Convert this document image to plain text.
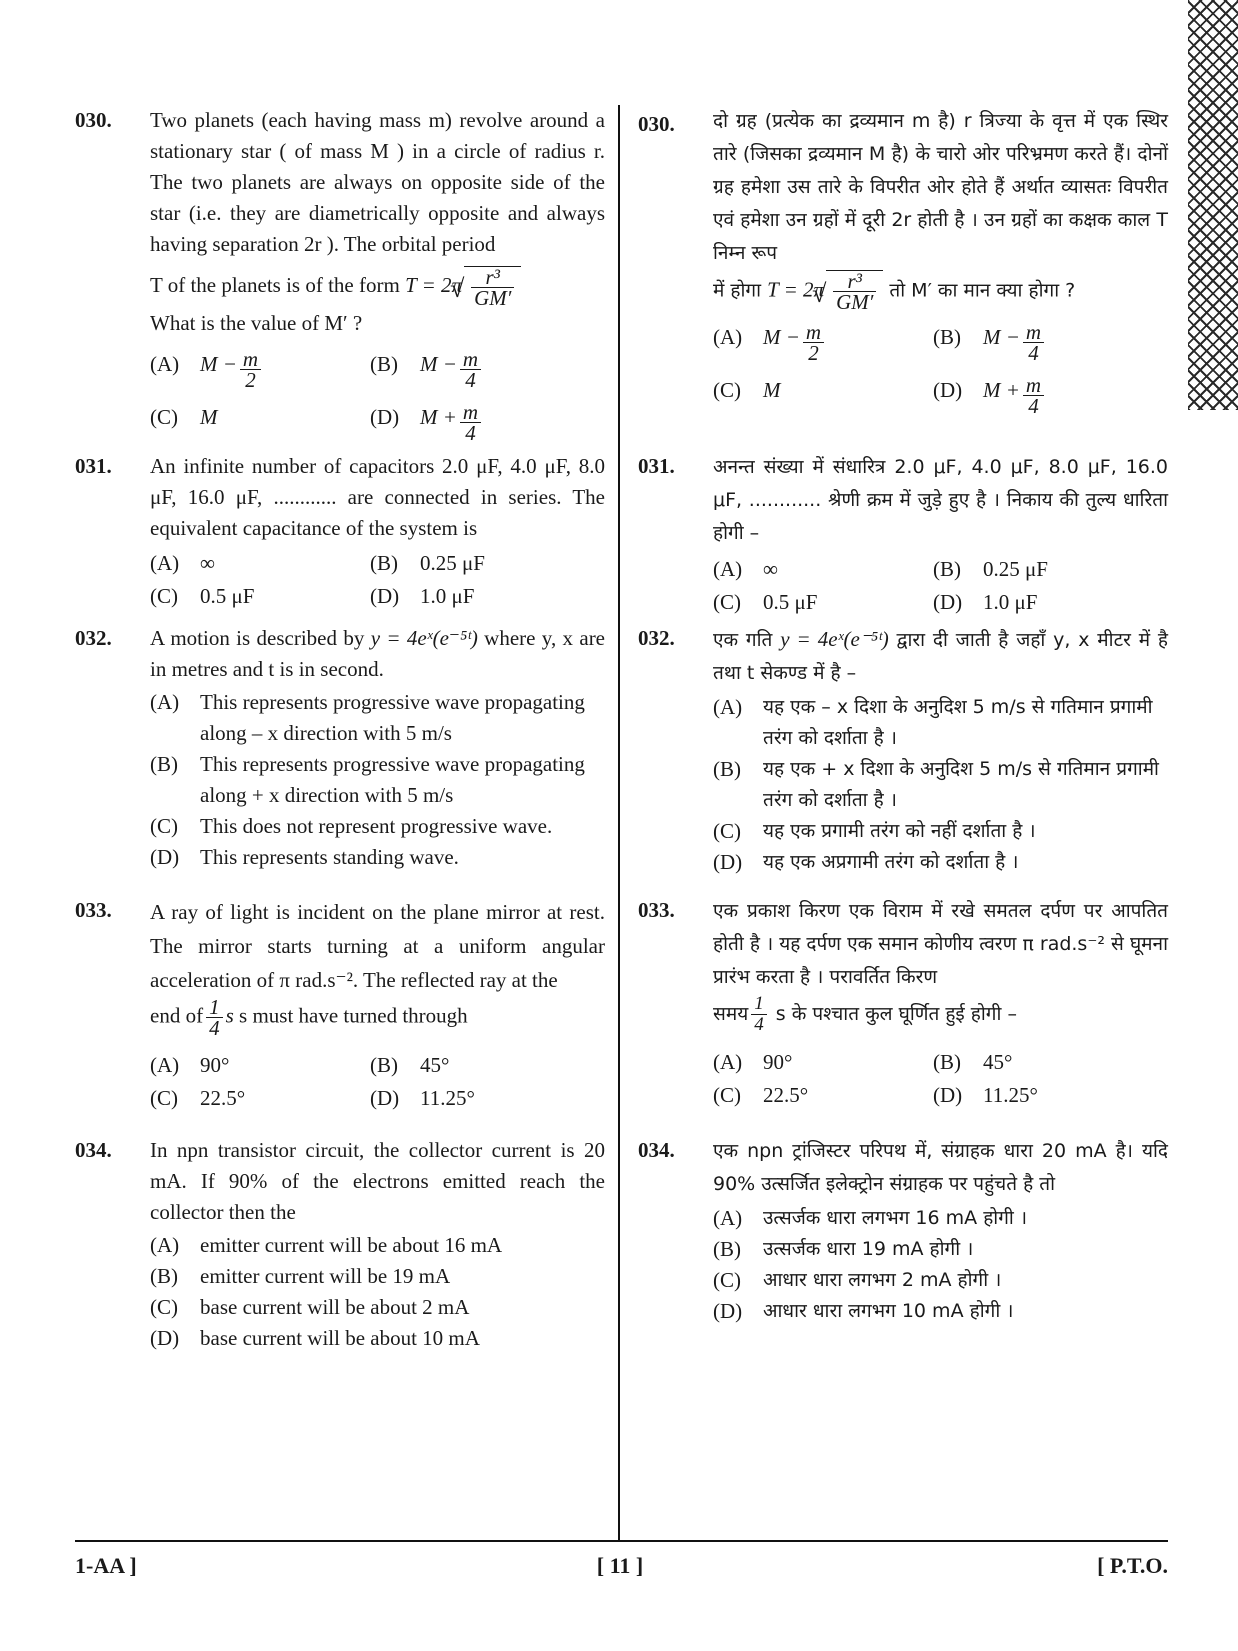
030. Two planets (each having mass m) revolve around a stationary star ( of mass M ) in a circle of radius r. The two planets are always on opposite side of the star (i.e. they are diametrically opposite and always having separation 2r ). The orbital period
T of the planets is of the form T = 2π √ $\frac{\text{r³}}{GM'}$
What is the value of M′ ?
(A) $M - \frac{m}{2}$	(B)	$M - \frac{m}{4}$
(C)	M	(D) $M + \frac{m}{4}$
031. An infinite number of capacitors 2.0 μF, 4.0 μF, 8.0 μF, 16.0 μF, ............ are connected in series. The equivalent capacitance of the system is
(A) ∞	(B)	0.25 μF
(C)	0.5 μF	(D) 1.0 μF
032. A motion is described by y = 4eˣ(e⁻⁵ᵗ) where y, x are in metres and t is in second.
(A) This represents progressive wave propagating along – x direction with 5 m/s
(B)	This represents progressive wave propagating along + x direction with 5 m/s
(C)	This does not represent progressive wave.
(D) This represents standing wave.
033. A ray of light is incident on the plane mirror at rest. The mirror starts turning at a uniform angular acceleration of π rad.s⁻². The reflected ray at the
end of $\frac{1}{4}$ s s must have turned through
(A) 90°	(B)	45°
(C)	22.5°	(D) 11.25°
034. In npn transistor circuit, the collector current is 20 mA. If 90% of the electrons emitted reach the collector then the
(A) emitter current will be about 16 mA
(B)	emitter current will be 19 mA
(C)	base current will be about 2 mA
(D) base current will be about 10 mA
030. दो ग्रह (प्रत्येक का द्रव्यमान m है) r त्रिज्या के वृत्त में एक स्थिर तारे (जिसका द्रव्यमान M है) के चारो ओर परिभ्रमण करते हैं। दोनों ग्रह हमेशा उस तारे के विपरीत ओर होते हैं अर्थात व्यासतः विपरीत एवं हमेशा उन ग्रहों में दूरी 2r होती है । उन ग्रहों का कक्षक काल T निम्न रूप
में होगा T = 2π √ $\frac{\text{r³}}{GM'}$ तो M′ का मान क्या होगा ?
(A) $M - \frac{m}{2}$	(B)	$M - \frac{m}{4}$
(C)	M	(D) $M + \frac{m}{4}$
031. अनन्त संख्या में संधारित्र 2.0 μF, 4.0 μF, 8.0 μF, 16.0 μF, ............ श्रेणी क्रम में जुड़े हुए है । निकाय की तुल्य धारिता होगी –
(A) ∞	(B)	0.25 μF
(C)	0.5 μF	(D) 1.0 μF
032. एक गति y = 4eˣ(e⁻⁵ᵗ) द्वारा दी जाती है जहाँ y, x मीटर में है तथा t सेकण्ड में है –
(A)	यह एक – x दिशा के अनुदिश 5 m/s से गतिमान प्रगामी तरंग को दर्शाता है ।
(B)	यह एक + x दिशा के अनुदिश 5 m/s से गतिमान प्रगामी तरंग को दर्शाता है ।
(C)	यह एक प्रगामी तरंग को नहीं दर्शाता है ।
(D)	यह एक अप्रगामी तरंग को दर्शाता है ।
033. एक प्रकाश किरण एक विराम में रखे समतल दर्पण पर आपतित होती है । यह दर्पण एक समान कोणीय त्वरण π rad.s⁻² से घूमना प्रारंभ करता है । परावर्तित किरण
समय $\frac{1}{4}$ s के पश्चात कुल घूर्णित हुई होगी –
(A) 90°	(B)	45°
(C)	22.5°	(D) 11.25°
034. एक npn ट्रांजिस्टर परिपथ में, संग्राहक धारा 20 mA है। यदि 90% उत्सर्जित इलेक्ट्रोन संग्राहक पर पहुंचते है तो
(A)	उत्सर्जक धारा लगभग 16 mA होगी ।
(B)	उत्सर्जक धारा 19 mA होगी ।
(C)	आधार धारा लगभग 2 mA होगी ।
(D)	आधार धारा लगभग 10 mA होगी ।
1-AA ]	[ 11 ]	[ P.T.O.
